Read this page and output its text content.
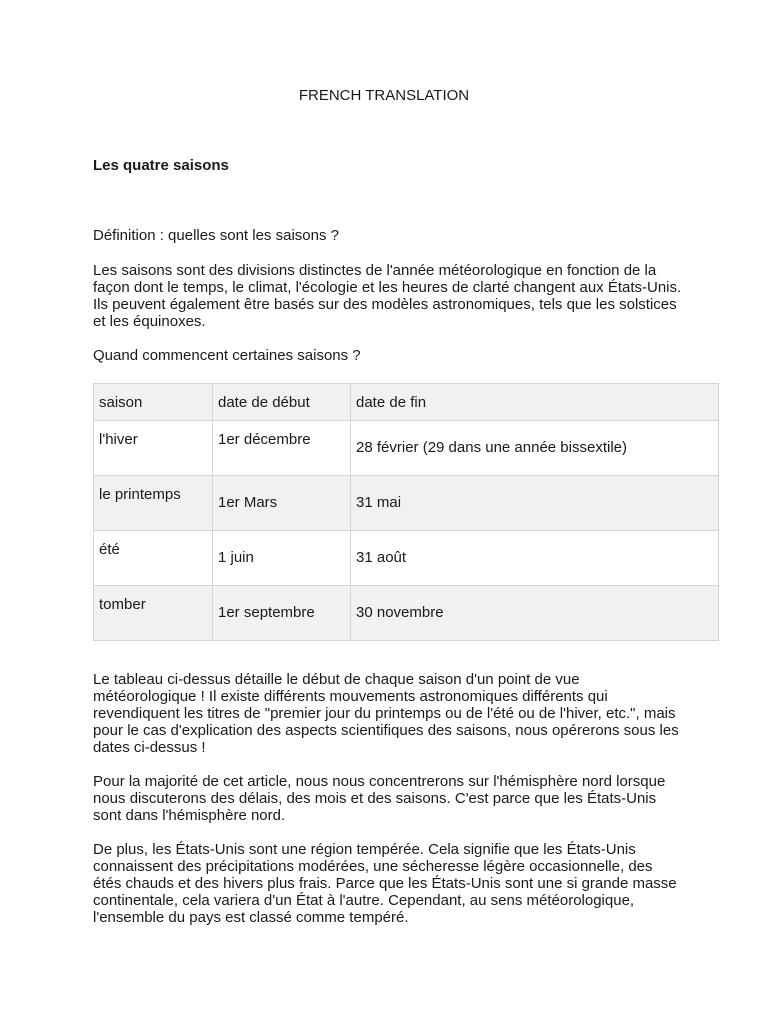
FRENCH TRANSLATION
Les quatre saisons

Définition : quelles sont les saisons ?

Les saisons sont des divisions distinctes de l'année météorologique en fonction de la façon dont le temps, le climat, l'écologie et les heures de clarté changent aux États-Unis. Ils peuvent également être basés sur des modèles astronomiques, tels que les solstices et les équinoxes.

Quand commencent certaines saisons ?

saison	date de début	date de fin

l'hiver	1er décembre	28 février (29 dans une année bissextile)

le printemps	1er Mars	31 mai

été	1 juin	31 août

tomber	1er septembre	30 novembre

Le tableau ci-dessus détaille le début de chaque saison d'un point de vue météorologique ! Il existe différents mouvements astronomiques différents qui revendiquent les titres de "premier jour du printemps ou de l'été ou de l'hiver, etc.", mais pour le cas d'explication des aspects scientifiques des saisons, nous opérerons sous les dates ci-dessus !

Pour la majorité de cet article, nous nous concentrerons sur l'hémisphère nord lorsque nous discuterons des délais, des mois et des saisons. C'est parce que les États-Unis sont dans l'hémisphère nord.

De plus, les États-Unis sont une région tempérée. Cela signifie que les États-Unis connaissent des précipitations modérées, une sécheresse légère occasionnelle, des étés chauds et des hivers plus frais. Parce que les États-Unis sont une si grande masse continentale, cela variera d'un État à l'autre. Cependant, au sens météorologique, l'ensemble du pays est classé comme tempéré.
